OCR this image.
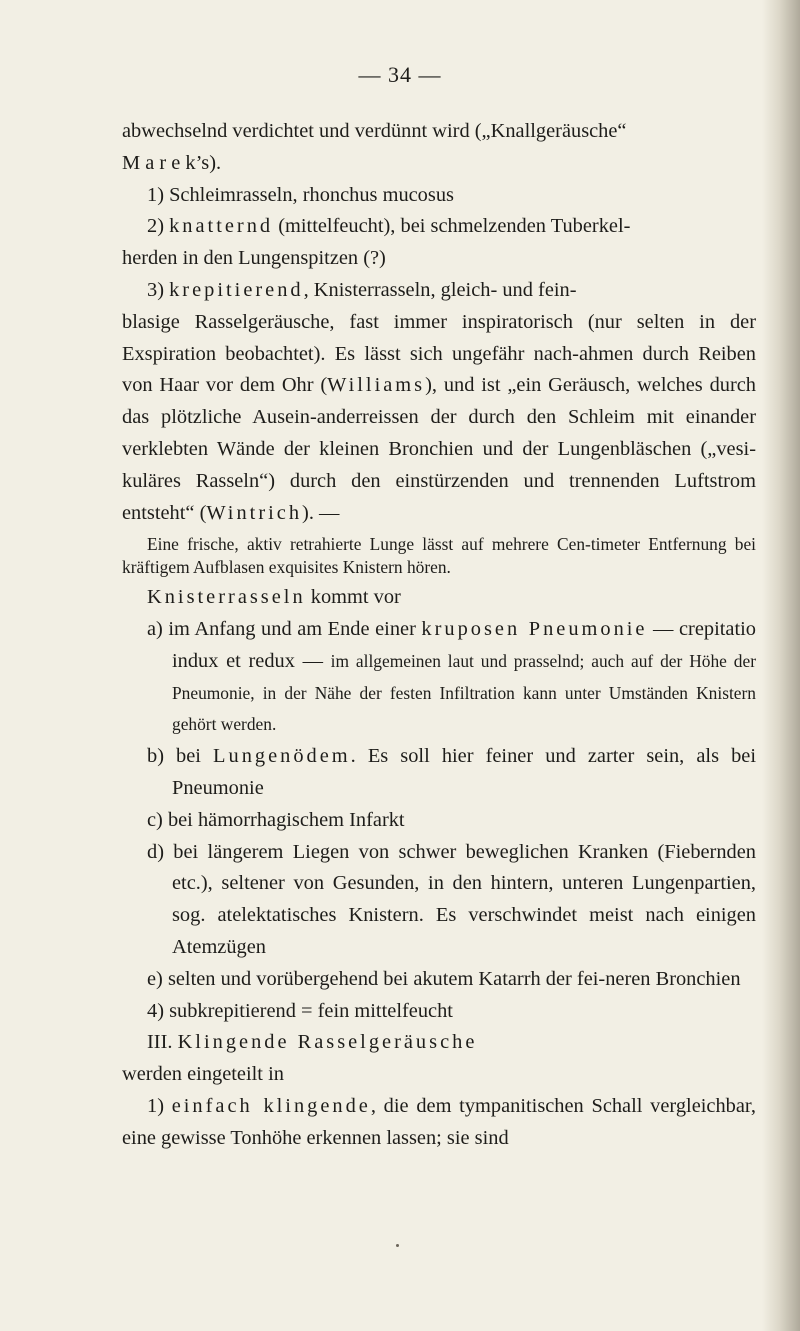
— 34 —

abwechselnd verdichtet und verdünnt wird („Knallgeräusche“
M a r e k’s).

1) Schleimrasseln, rhonchus mucosus

2) knatternd (mittelfeucht), bei schmelzenden Tuberkel-
herden in den Lungenspitzen (?)

3) krepitierend, Knisterrasseln, gleich- und fein-

blasige Rasselgeräusche, fast immer inspiratorisch (nur selten in der Exspiration beobachtet). Es lässt sich ungefähr nach-ahmen durch Reiben von Haar vor dem Ohr (Williams), und ist „ein Geräusch, welches durch das plötzliche Ausein-anderreissen der durch den Schleim mit einander verklebten Wände der kleinen Bronchien und der Lungenbläschen („vesi-kuläres Rasseln“) durch den einstürzenden und trennenden Luftstrom entsteht“ (Wintrich). —

Eine frische, aktiv retrahierte Lunge lässt auf mehrere Cen-timeter Entfernung bei kräftigem Aufblasen exquisites Knistern hören.

Knisterrasseln kommt vor

a) im Anfang und am Ende einer kruposen Pneumonie — crepitatio indux et redux — im allgemeinen laut und prasselnd; auch auf der Höhe der Pneumonie, in der Nähe der festen Infiltration kann unter Umständen Knistern gehört werden.

b) bei Lungenödem. Es soll hier feiner und zarter sein, als bei Pneumonie

c) bei hämorrhagischem Infarkt

d) bei längerem Liegen von schwer beweglichen Kranken (Fiebernden etc.), seltener von Gesunden, in den hintern, unteren Lungenpartien, sog. atelektatisches Knistern. Es verschwindet meist nach einigen Atemzügen

e) selten und vorübergehend bei akutem Katarrh der fei-neren Bronchien

4) subkrepitierend = fein mittelfeucht

III. Klingende Rasselgeräusche

werden eingeteilt in

1) einfach klingende, die dem tympanitischen Schall vergleichbar, eine gewisse Tonhöhe erkennen lassen; sie sind
